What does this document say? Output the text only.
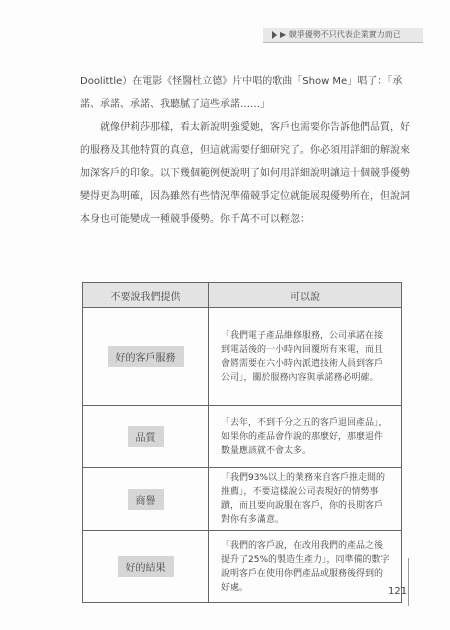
▶ 競爭優勢不只代表企業實力而已

Doolittle）在電影《怪醫杜立德》片中唱的歌曲「Show Me」唱了：「承諾、承諾、承諾、我聽膩了這些承諾……」

就像伊莉莎那樣，看太新說明強愛她，客戶也需要你告訴他們品質，好的服務及其他特質的真意，但這就需要仔細研究了。你必須用詳細的解說來加深客戶的印象。以下幾個範例便說明了如何用詳細說明讓這十個競爭優勢變得更為明確，因為雖然有些情況準備競爭定位就能展現優勢所在，但說詞本身也可能變成一種競爭優勢。你千萬不可以輕忽：

不要說我們提供	可以說
好的客戶服務	「我們電子產品維修服務，公司承諾在接到電話後的一小時內回覆所有來電，而且會將需要在六小時內派遣技術人員到客戶公司」，關於服務內容與承諾務必明確。
品質	「去年，不到千分之五的客戶退回產品」，如果你的產品會作說的那麼好，那麼退件數量應該就不會太多。
商譽	「我們93%以上的業務來自客戶推走間的推薦」，不要這樣說公司表現好的情勢事蹟，而且要向說服在客戶，你的長期客戶對你有多滿意。
好的結果	「我們的客戶說，在改用我們的產品之後提升了25%的製造生產力」，同準備的數字說明客戶在使用你們產品或服務後得到的好處。	121
